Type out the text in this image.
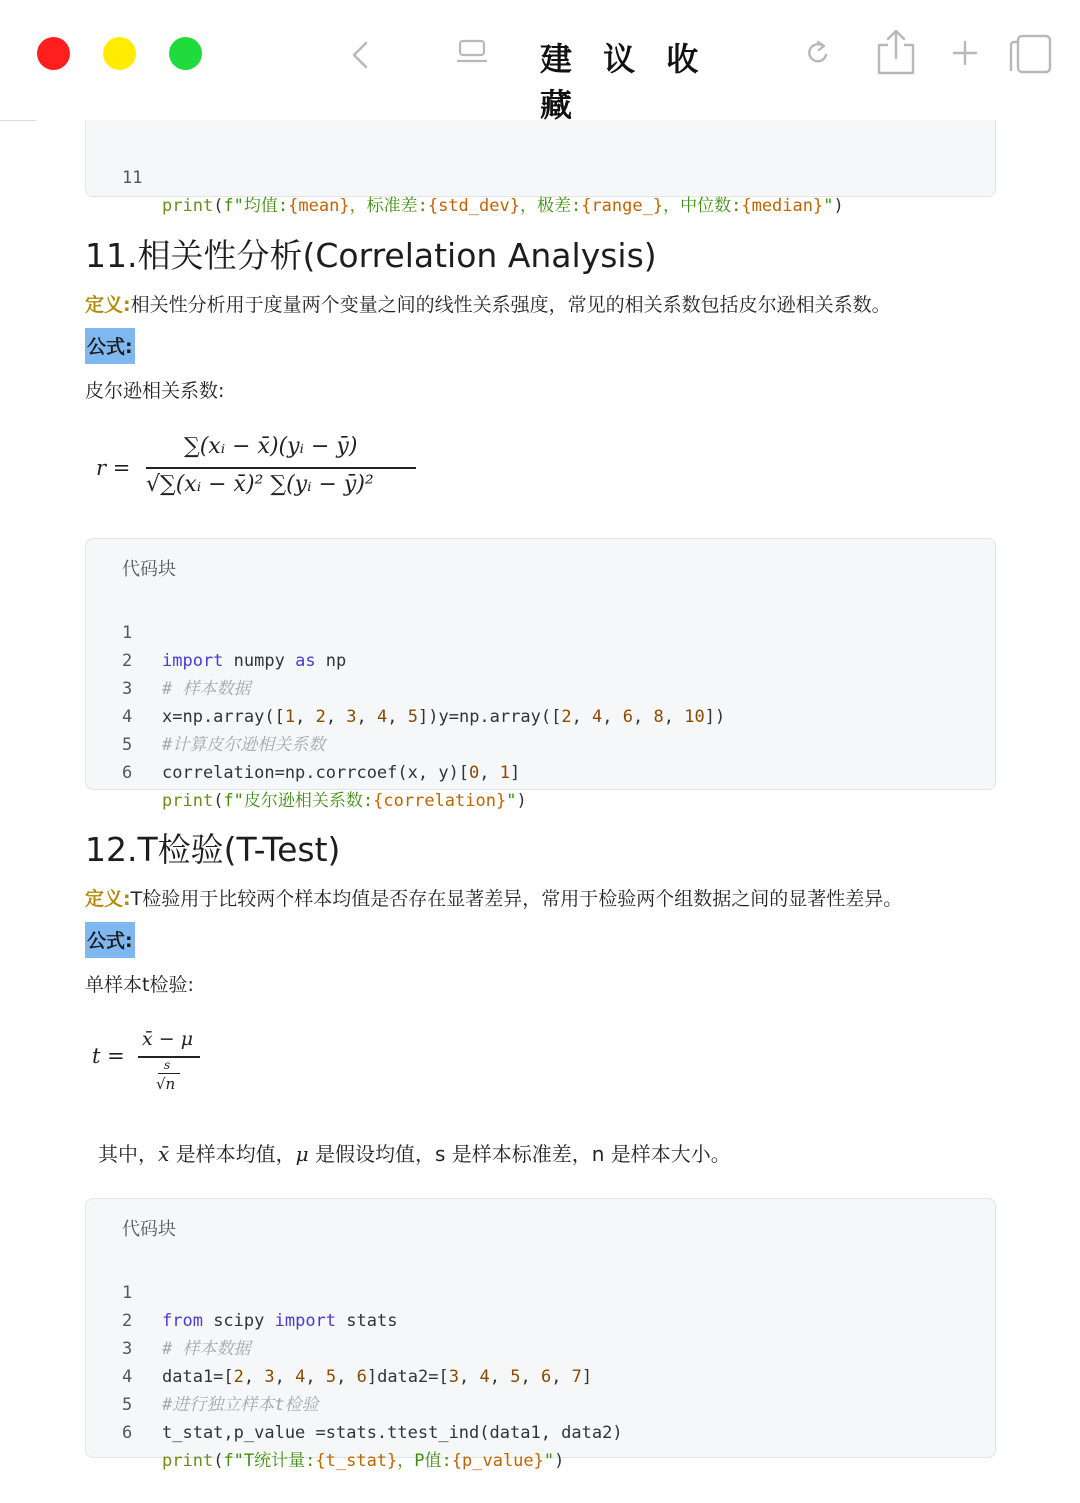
建 议 收 藏

11

print(f"均值:{mean}，标准差:{std_dev}，极差:{range_}，中位数:{median}")

11.相关性分析(Correlation Analysis)
定义:相关性分析用于度量两个变量之间的线性关系强度，常见的相关系数包括皮尔逊相关系数。
公式:
皮尔逊相关系数:
r =
∑(xᵢ − x̄)(yᵢ − ȳ)
√∑(xᵢ − x̄)² ∑(yᵢ − ȳ)²
代码块

1

import numpy as np

2

# 样本数据

3

x=np.array([1, 2, 3, 4, 5])y=np.array([2, 4, 6, 8, 10])

4

#计算皮尔逊相关系数

5

correlation=np.corrcoef(x, y)[0, 1]

6

print(f"皮尔逊相关系数:{correlation}")

12.T检验(T-Test)
定义:T检验用于比较两个样本均值是否存在显著差异，常用于检验两个组数据之间的显著性差异。
公式:
单样本t检验:
t =
x̄ − μ
s
√n
其中，x̄ 是样本均值，μ 是假设均值，s 是样本标准差，n 是样本大小。
代码块

1

from scipy import stats

2

# 样本数据

3

data1=[2, 3, 4, 5, 6]data2=[3, 4, 5, 6, 7]

4

#进行独立样本t检验

5

t_stat,p_value =stats.ttest_ind(data1, data2)

6

print(f"T统计量:{t_stat}，P值:{p_value}")
